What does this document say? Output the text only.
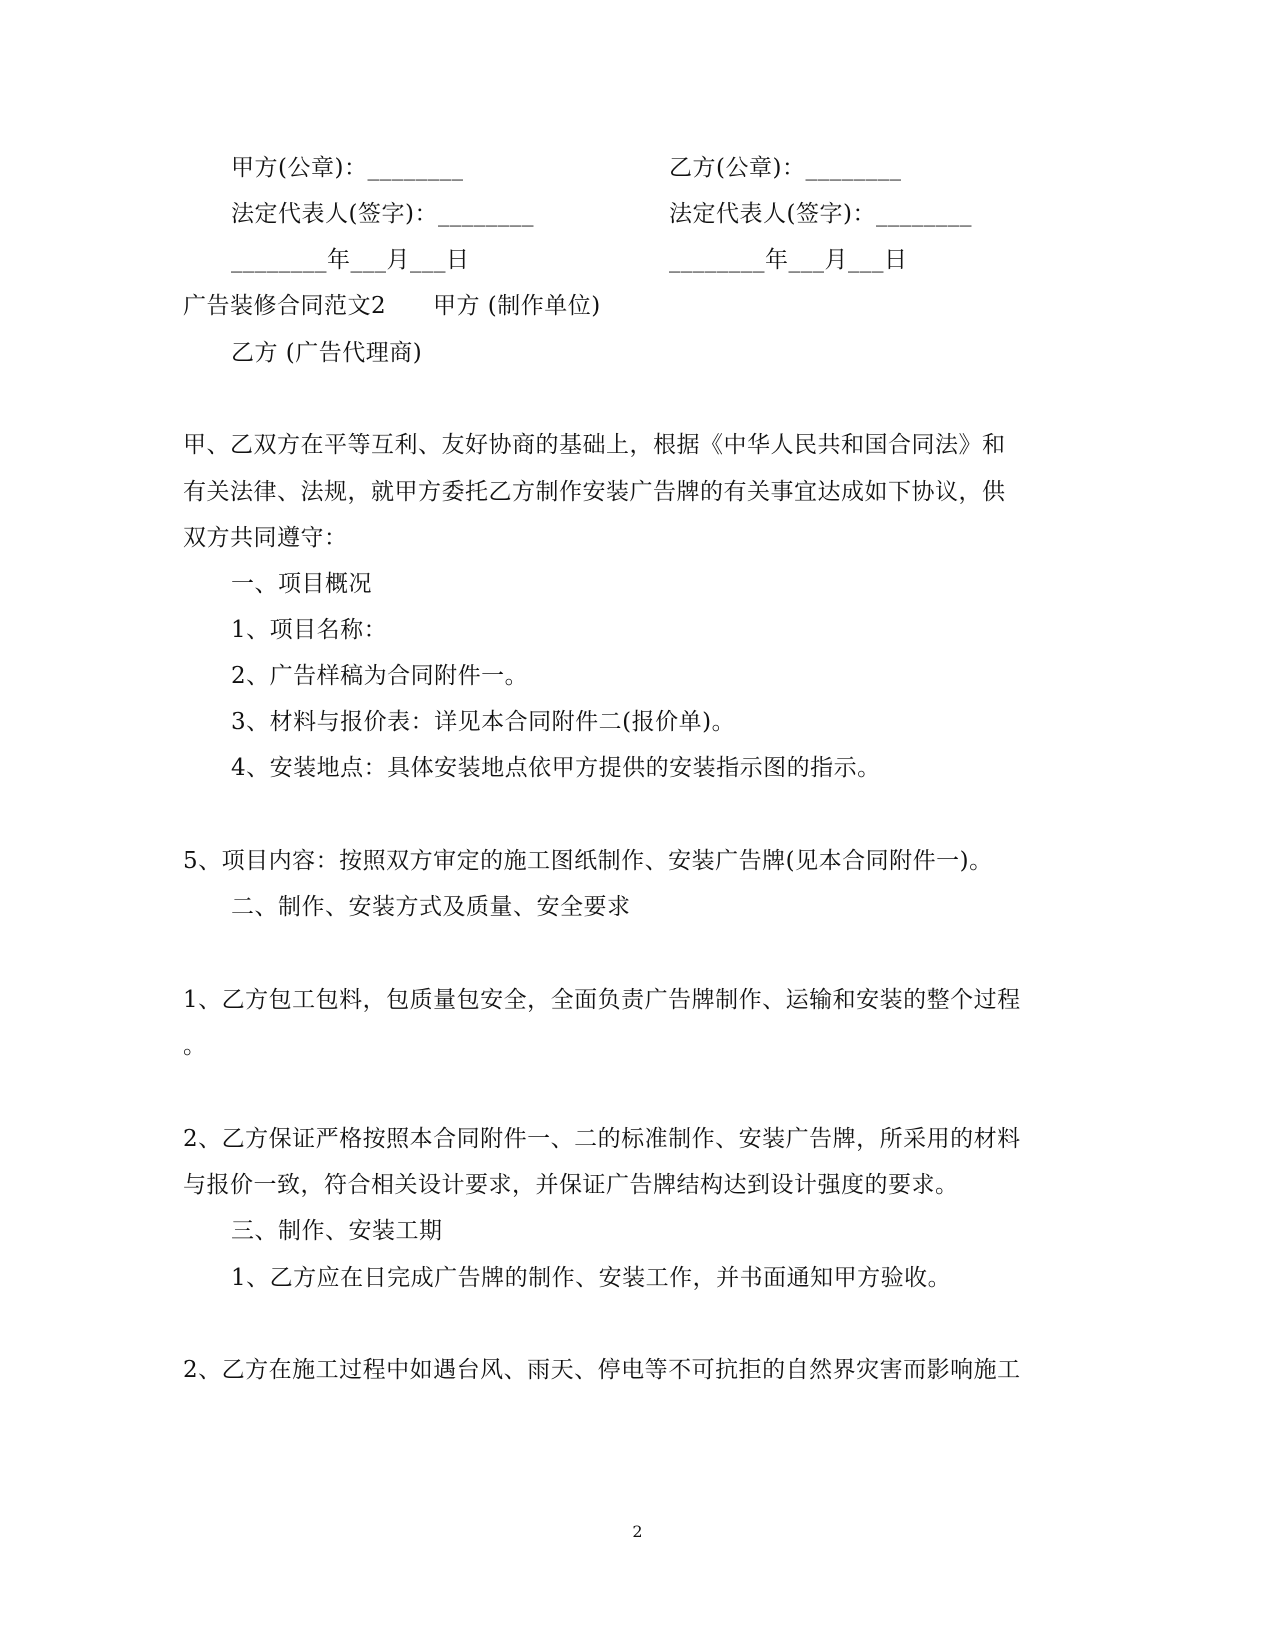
甲方(公章)：________	乙方(公章)：________
法定代表人(签字)：________	法定代表人(签字)：________
________年___月___日	________年___月___日
广告装修合同范文2 甲方 (制作单位)
乙方 (广告代理商)
甲、乙双方在平等互利、友好协商的基础上，根据《中华人民共和国合同法》和
有关法律、法规，就甲方委托乙方制作安装广告牌的有关事宜达成如下协议，供
双方共同遵守：
一、项目概况
1、项目名称：
2、广告样稿为合同附件一。
3、材料与报价表：详见本合同附件二(报价单)。
4、安装地点：具体安装地点依甲方提供的安装指示图的指示。
5、项目内容：按照双方审定的施工图纸制作、安装广告牌(见本合同附件一)。
二、制作、安装方式及质量、安全要求
1、乙方包工包料，包质量包安全，全面负责广告牌制作、运输和安装的整个过程
。
2、乙方保证严格按照本合同附件一、二的标准制作、安装广告牌，所采用的材料
与报价一致，符合相关设计要求，并保证广告牌结构达到设计强度的要求。
三、制作、安装工期
1、乙方应在日完成广告牌的制作、安装工作，并书面通知甲方验收。
2、乙方在施工过程中如遇台风、雨天、停电等不可抗拒的自然界灾害而影响施工
2
